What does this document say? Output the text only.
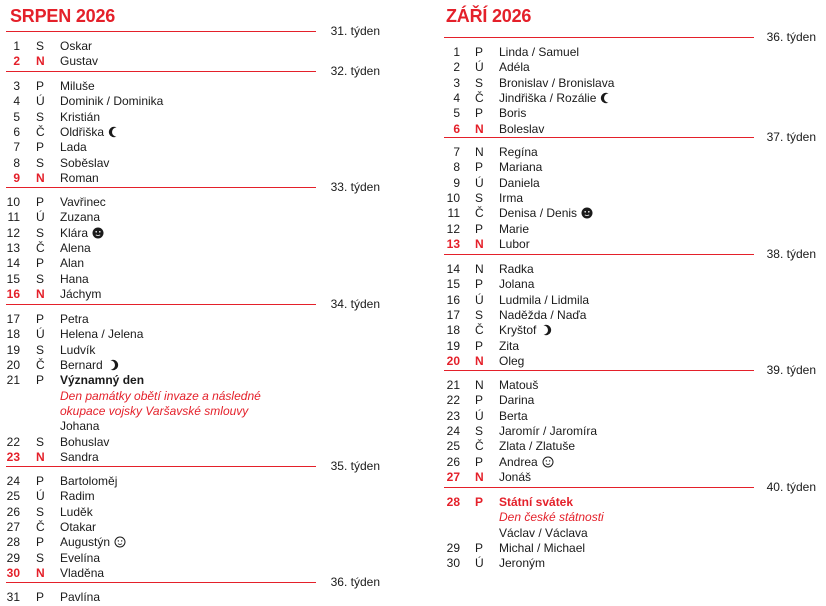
SRPEN 2026
31. týden
1 S Oskar
2 N Gustav
32. týden
3 P Miluše
4 Ú Dominik / Dominika
5 S Kristián
6 Č Oldřiška
7 P Lada
8 S Soběslav
9 N Roman
33. týden
10 P Vavřinec
11 Ú Zuzana
12 S Klára
13 Č Alena
14 P Alan
15 S Hana
16 N Jáchym
34. týden
17 P Petra
18 Ú Helena / Jelena
19 S Ludvík
20 Č Bernard
21 P Významný den
Den památky obětí invaze a následné
okupace vojsky Varšavské smlouvy
Johana
22 S Bohuslav
23 N Sandra
35. týden
24 P Bartoloměj
25 Ú Radim
26 S Luděk
27 Č Otakar
28 P Augustýn
29 S Evelína
30 N Vladěna
36. týden
31 P Pavlína
ZÁŘÍ 2026
36. týden
1 P Linda / Samuel
2 Ú Adéla
3 S Bronislav / Bronislava
4 Č Jindřiška / Rozálie
5 P Boris
6 N Boleslav
37. týden
7 N Regína
8 P Mariana
9 Ú Daniela
10 S Irma
11 Č Denisa / Denis
12 P Marie
13 N Lubor
38. týden
14 N Radka
15 P Jolana
16 Ú Ludmila / Lidmila
17 S Naděžda / Naďa
18 Č Kryštof
19 P Zita
20 N Oleg
39. týden
21 N Matouš
22 P Darina
23 Ú Berta
24 S Jaromír / Jaromíra
25 Č Zlata / Zlatuše
26 P Andrea
27 N Jonáš
40. týden
28 P Státní svátek
Den české státnosti
Václav / Václava
29 P Michal / Michael
30 Ú Jeroným
